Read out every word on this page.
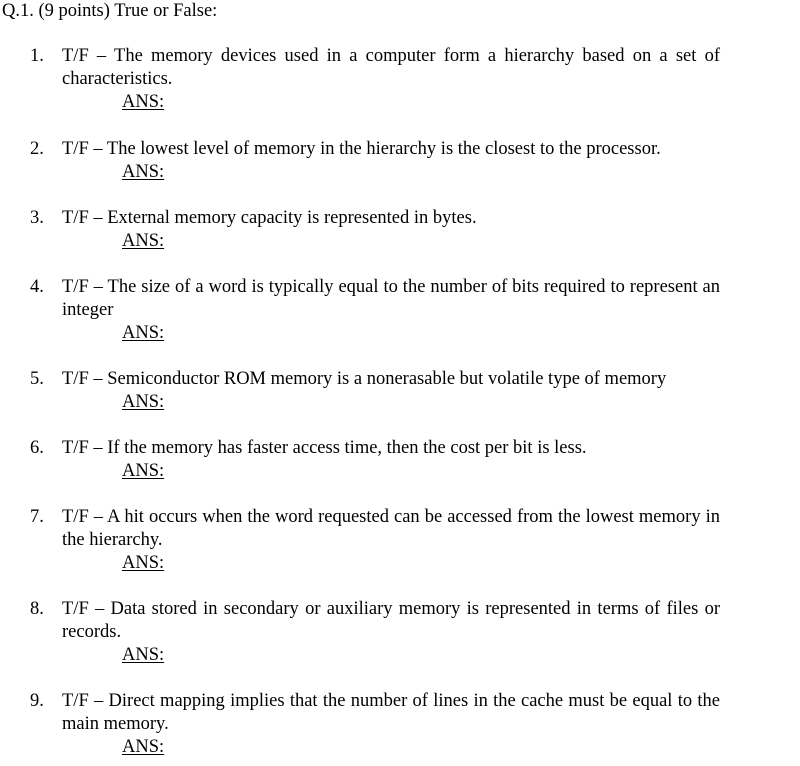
Q.1. (9 points) True or False:
1. T/F – The memory devices used in a computer form a hierarchy based on a set of characteristics.
ANS:
2. T/F – The lowest level of memory in the hierarchy is the closest to the processor.
ANS:
3. T/F – External memory capacity is represented in bytes.
ANS:
4. T/F – The size of a word is typically equal to the number of bits required to represent an integer
ANS:
5. T/F – Semiconductor ROM memory is a nonerasable but volatile type of memory
ANS:
6. T/F – If the memory has faster access time, then the cost per bit is less.
ANS:
7. T/F – A hit occurs when the word requested can be accessed from the lowest memory in the hierarchy.
ANS:
8. T/F – Data stored in secondary or auxiliary memory is represented in terms of files or records.
ANS:
9. T/F – Direct mapping implies that the number of lines in the cache must be equal to the main memory.
ANS:
